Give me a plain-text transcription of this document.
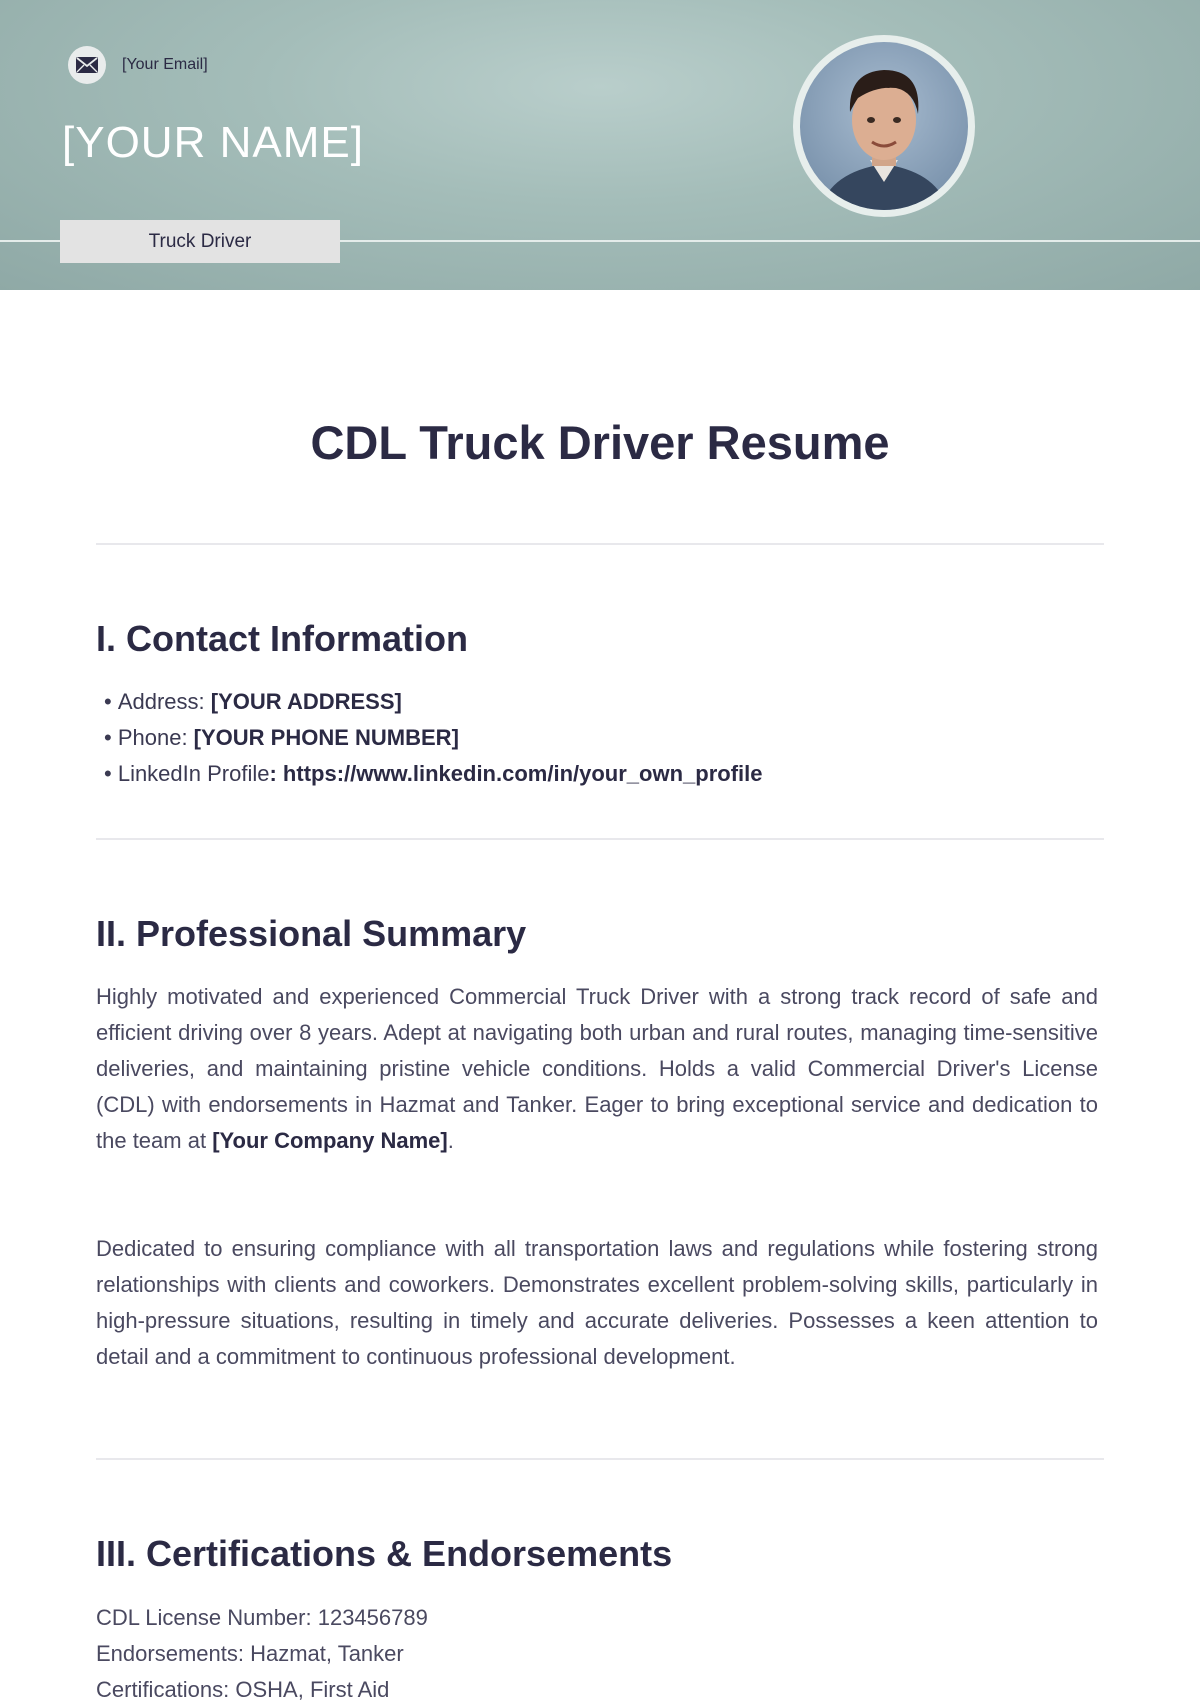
[Your Email]
[YOUR NAME]
Truck Driver
CDL Truck Driver Resume
I. Contact Information
• Address: [YOUR ADDRESS]
• Phone: [YOUR PHONE NUMBER]
• LinkedIn Profile: https://www.linkedin.com/in/your_own_profile
II. Professional Summary

Highly motivated and experienced Commercial Truck Driver with a strong track record of safe and efficient driving over 8 years. Adept at navigating both urban and rural routes, managing time-sensitive deliveries, and maintaining pristine vehicle conditions. Holds a valid Commercial Driver's License (CDL) with endorsements in Hazmat and Tanker. Eager to bring exceptional service and dedication to the team at [Your Company Name].

Dedicated to ensuring compliance with all transportation laws and regulations while fostering strong relationships with clients and coworkers. Demonstrates excellent problem-solving skills, particularly in high-pressure situations, resulting in timely and accurate deliveries. Possesses a keen attention to detail and a commitment to continuous professional development.

III. Certifications & Endorsements
CDL License Number: 123456789
Endorsements: Hazmat, Tanker
Certifications: OSHA, First Aid
